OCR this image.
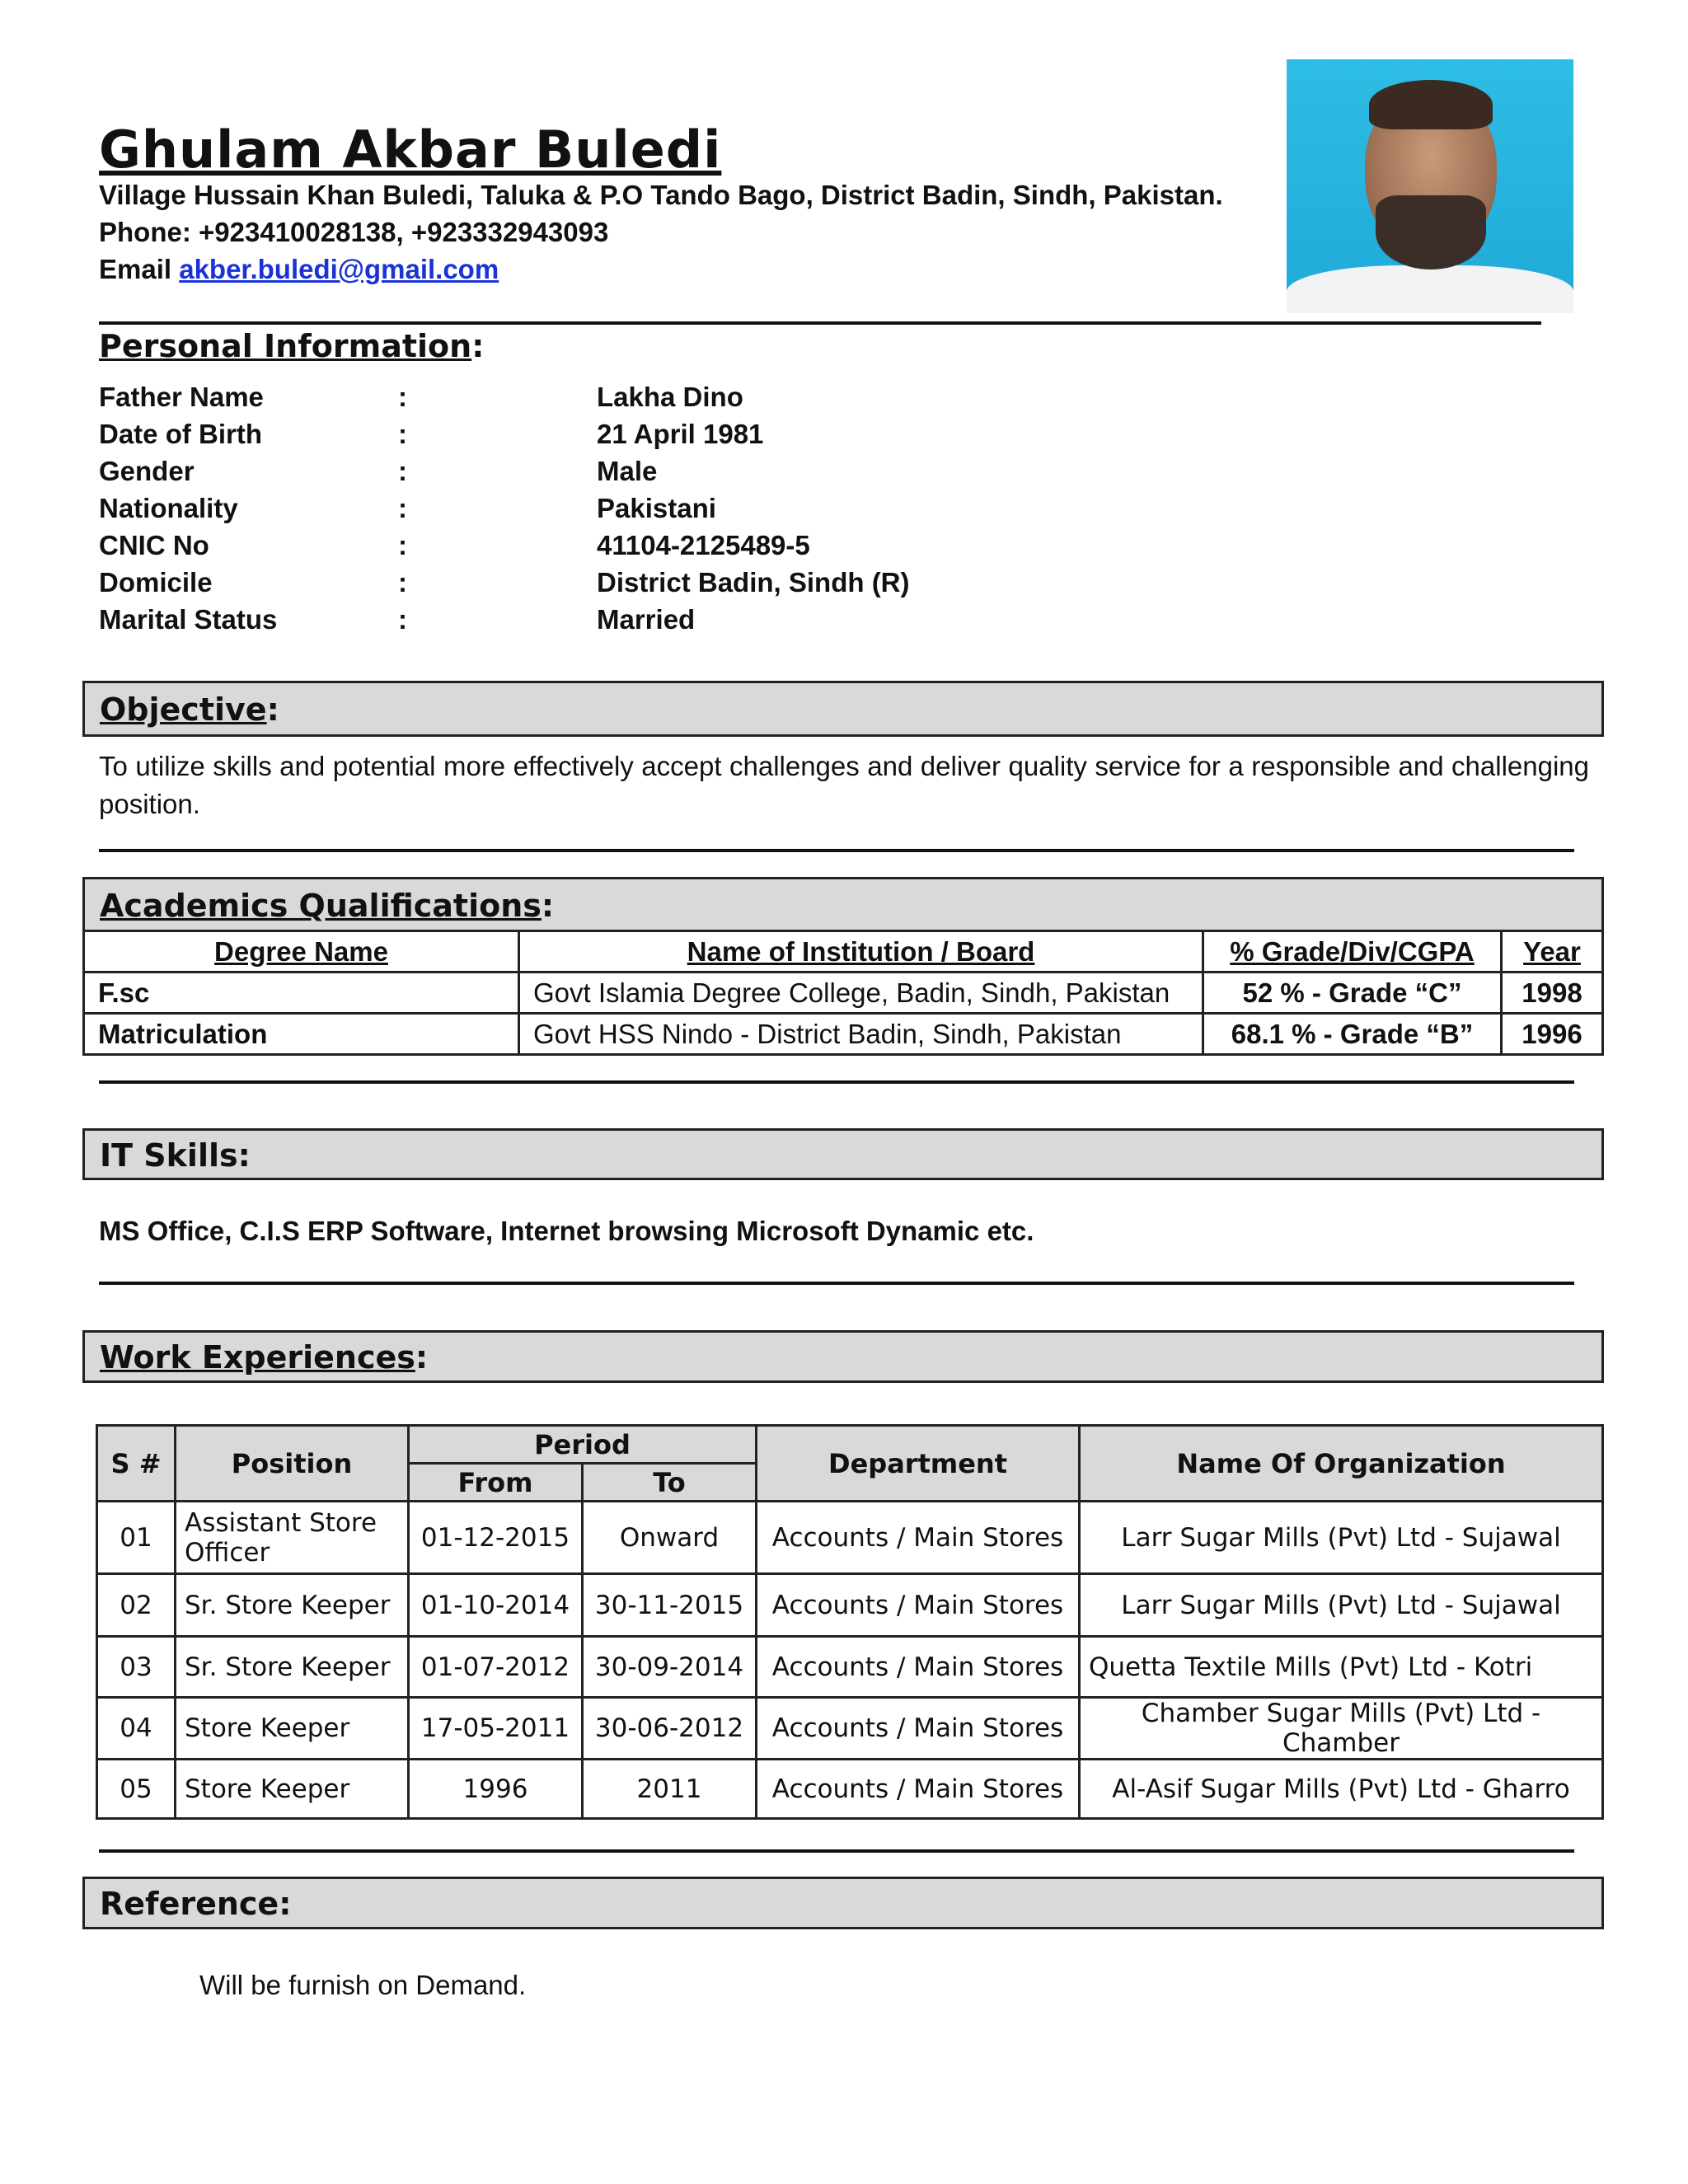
Ghulam Akbar Buledi
Village Hussain Khan Buledi, Taluka & P.O Tando Bago, District Badin, Sindh, Pakistan.
Phone: +923410028138, +923332943093
Email akber.buledi@gmail.com
Personal Information:
Father Name	:	Lakha Dino
Date of Birth	:	21 April 1981
Gender	:	Male
Nationality	:	Pakistani
CNIC No	:	41104-2125489-5
Domicile	:	District Badin, Sindh (R)
Marital Status	:	Married
Objective:
To utilize skills and potential more effectively accept challenges and deliver quality service for a responsible and challenging position.
Academics Qualifications:
Degree Name	Name of Institution / Board	% Grade/Div/CGPA	Year
F.sc	Govt Islamia Degree College, Badin, Sindh, Pakistan	52 % - Grade “C”	1998
Matriculation	Govt HSS Nindo - District Badin, Sindh, Pakistan	68.1 % - Grade “B”	1996
IT Skills:
MS Office, C.I.S ERP Software, Internet browsing Microsoft Dynamic etc.
Work Experiences:
S #	Position	Period		Department	Name Of Organization
		From	To		
01	Assistant Store Officer	01-12-2015	Onward	Accounts / Main Stores	Larr Sugar Mills (Pvt) Ltd - Sujawal
02	Sr. Store Keeper	01-10-2014	30-11-2015	Accounts / Main Stores	Larr Sugar Mills (Pvt) Ltd - Sujawal
03	Sr. Store Keeper	01-07-2012	30-09-2014	Accounts / Main Stores	Quetta Textile Mills (Pvt) Ltd - Kotri
04	Store Keeper	17-05-2011	30-06-2012	Accounts / Main Stores	Chamber Sugar Mills (Pvt) Ltd - Chamber
05	Store Keeper	1996	2011	Accounts / Main Stores	Al-Asif Sugar Mills (Pvt) Ltd - Gharro
Reference:
Will be furnish on Demand.
